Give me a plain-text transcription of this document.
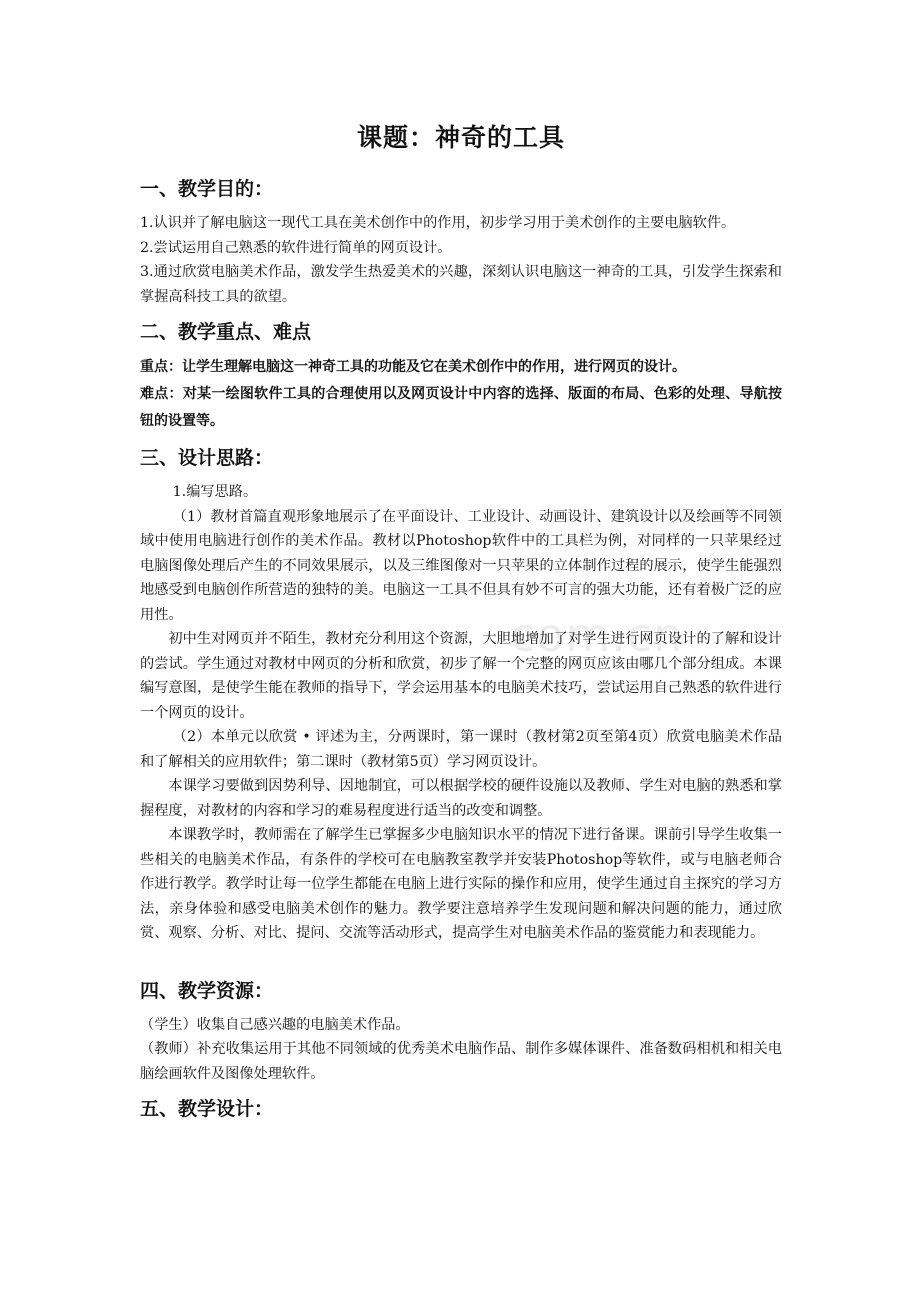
com.cn
课题：神奇的工具
一、教学目的：

1.认识并了解电脑这一现代工具在美术创作中的作用，初步学习用于美术创作的主要电脑软件。

2.尝试运用自己熟悉的软件进行简单的网页设计。

3.通过欣赏电脑美术作品，激发学生热爱美术的兴趣，深刻认识电脑这一神奇的工具，引发学生探索和掌握高科技工具的欲望。

二、教学重点、难点

重点：让学生理解电脑这一神奇工具的功能及它在美术创作中的作用，进行网页的设计。

难点：对某一绘图软件工具的合理使用以及网页设计中内容的选择、版面的布局、色彩的处理、导航按钮的设置等。

三、设计思路：

1.编写思路。

（1）教材首篇直观形象地展示了在平面设计、工业设计、动画设计、建筑设计以及绘画等不同领域中使用电脑进行创作的美术作品。教材以Photoshop软件中的工具栏为例，对同样的一只苹果经过电脑图像处理后产生的不同效果展示，以及三维图像对一只苹果的立体制作过程的展示，使学生能强烈地感受到电脑创作所营造的独特的美。电脑这一工具不但具有妙不可言的强大功能，还有着极广泛的应用性。

初中生对网页并不陌生，教材充分利用这个资源，大胆地增加了对学生进行网页设计的了解和设计的尝试。学生通过对教材中网页的分析和欣赏，初步了解一个完整的网页应该由哪几个部分组成。本课编写意图，是使学生能在教师的指导下，学会运用基本的电脑美术技巧，尝试运用自己熟悉的软件进行一个网页的设计。

（2）本单元以欣赏 • 评述为主，分两课时，第一课时（教材第2页至第4页）欣赏电脑美术作品和了解相关的应用软件；第二课时（教材第5页）学习网页设计。

本课学习要做到因势利导、因地制宜，可以根据学校的硬件设施以及教师、学生对电脑的熟悉和掌握程度，对教材的内容和学习的难易程度进行适当的改变和调整。

本课教学时，教师需在了解学生已掌握多少电脑知识水平的情况下进行备课。课前引导学生收集一些相关的电脑美术作品，有条件的学校可在电脑教室教学并安装Photoshop等软件，或与电脑老师合作进行教学。教学时让每一位学生都能在电脑上进行实际的操作和应用，使学生通过自主探究的学习方法，亲身体验和感受电脑美术创作的魅力。教学要注意培养学生发现问题和解决问题的能力，通过欣赏、观察、分析、对比、提问、交流等活动形式，提高学生对电脑美术作品的鉴赏能力和表现能力。

四、教学资源：

（学生）收集自己感兴趣的电脑美术作品。

（教师）补充收集运用于其他不同领域的优秀美术电脑作品、制作多媒体课件、准备数码相机和相关电脑绘画软件及图像处理软件。

五、教学设计：
